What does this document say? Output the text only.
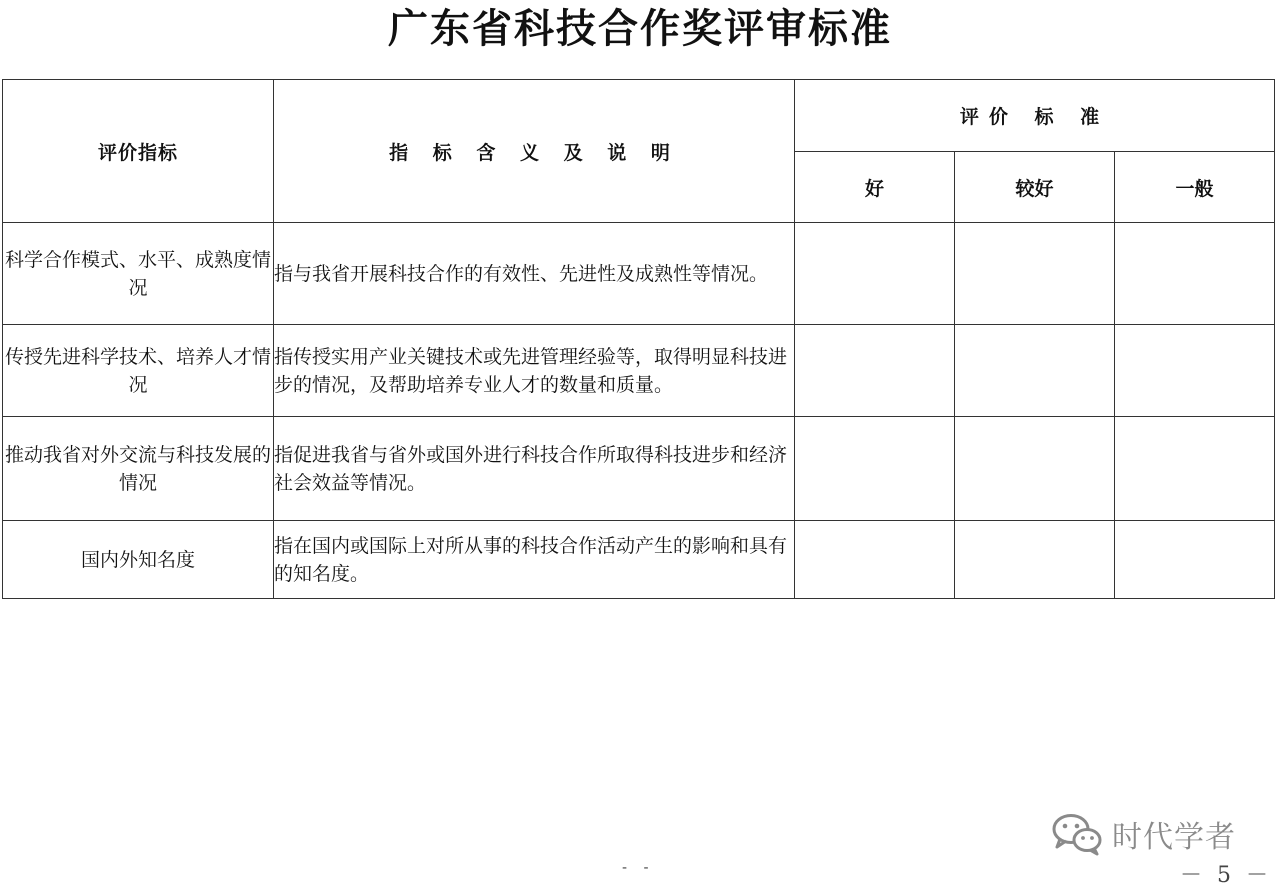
广东省科技合作奖评审标准
评价指标	指 标 含 义 及 说 明	评价 标 准		
		好	较好	一般
科学合作模式、水平、成熟度情况	指与我省开展科技合作的有效性、先进性及成熟性等情况。			
传授先进科学技术、培养人才情况	指传授实用产业关键技术或先进管理经验等，取得明显科技进步的情况，及帮助培养专业人才的数量和质量。			
推动我省对外交流与科技发展的情况	指促进我省与省外或国外进行科技合作所取得科技进步和经济社会效益等情况。			
国内外知名度	指在国内或国际上对所从事的科技合作活动产生的影响和具有的知名度。			
时代学者
- -	－ 5 －
